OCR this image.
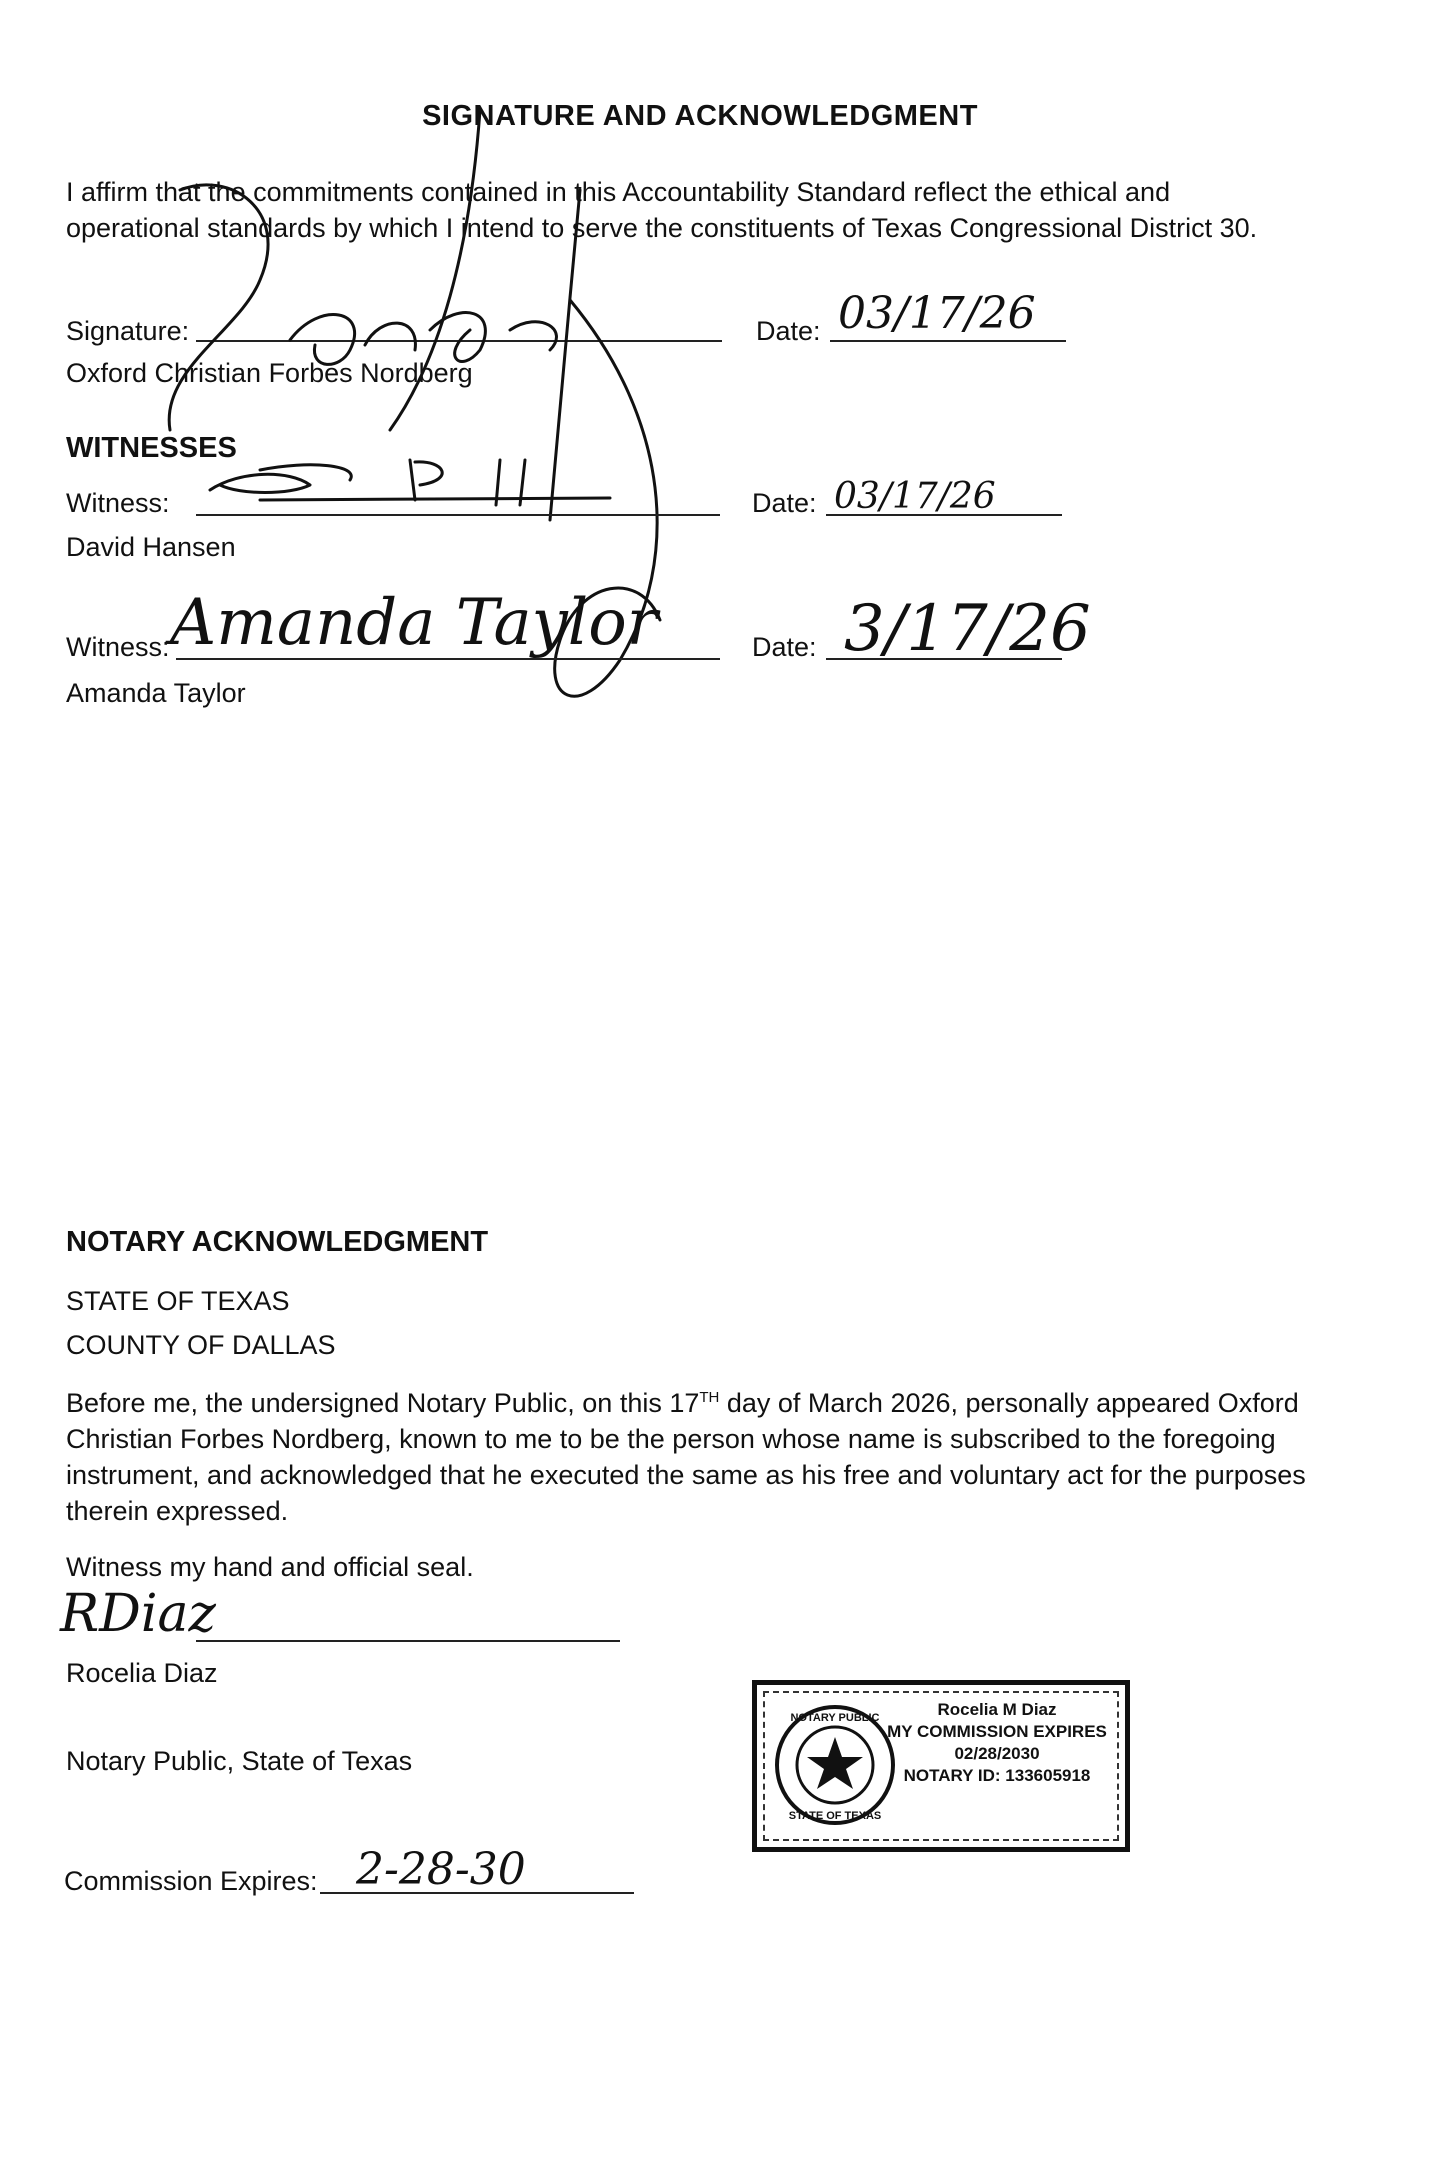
SIGNATURE AND ACKNOWLEDGMENT
I affirm that the commitments contained in this Accountability Standard reflect the ethical and
operational standards by which I intend to serve the constituents of Texas Congressional District 30.
Signature:
Oxford Christian Forbes Nordberg
Date: 03/17/26
WITNESSES
Witness:
David Hansen
Date: 03/17/26
Witness:
Amanda Taylor
Amanda Taylor	Date: 3/17/26
NOTARY ACKNOWLEDGMENT
STATE OF TEXAS
COUNTY OF DALLAS
Before me, the undersigned Notary Public, on this 17TH day of March 2026, personally appeared Oxford
Christian Forbes Nordberg, known to me to be the person whose name is subscribed to the foregoing
instrument, and acknowledged that he executed the same as his free and voluntary act for the purposes
therein expressed.
Witness my hand and official seal.
RDiaz
Rocelia Diaz
Notary Public, State of Texas
Commission Expires: 2-28-30
NOTARY PUBLIC
STATE OF TEXAS
Rocelia M Diaz
MY COMMISSION EXPIRES
02/28/2030
NOTARY ID: 133605918
